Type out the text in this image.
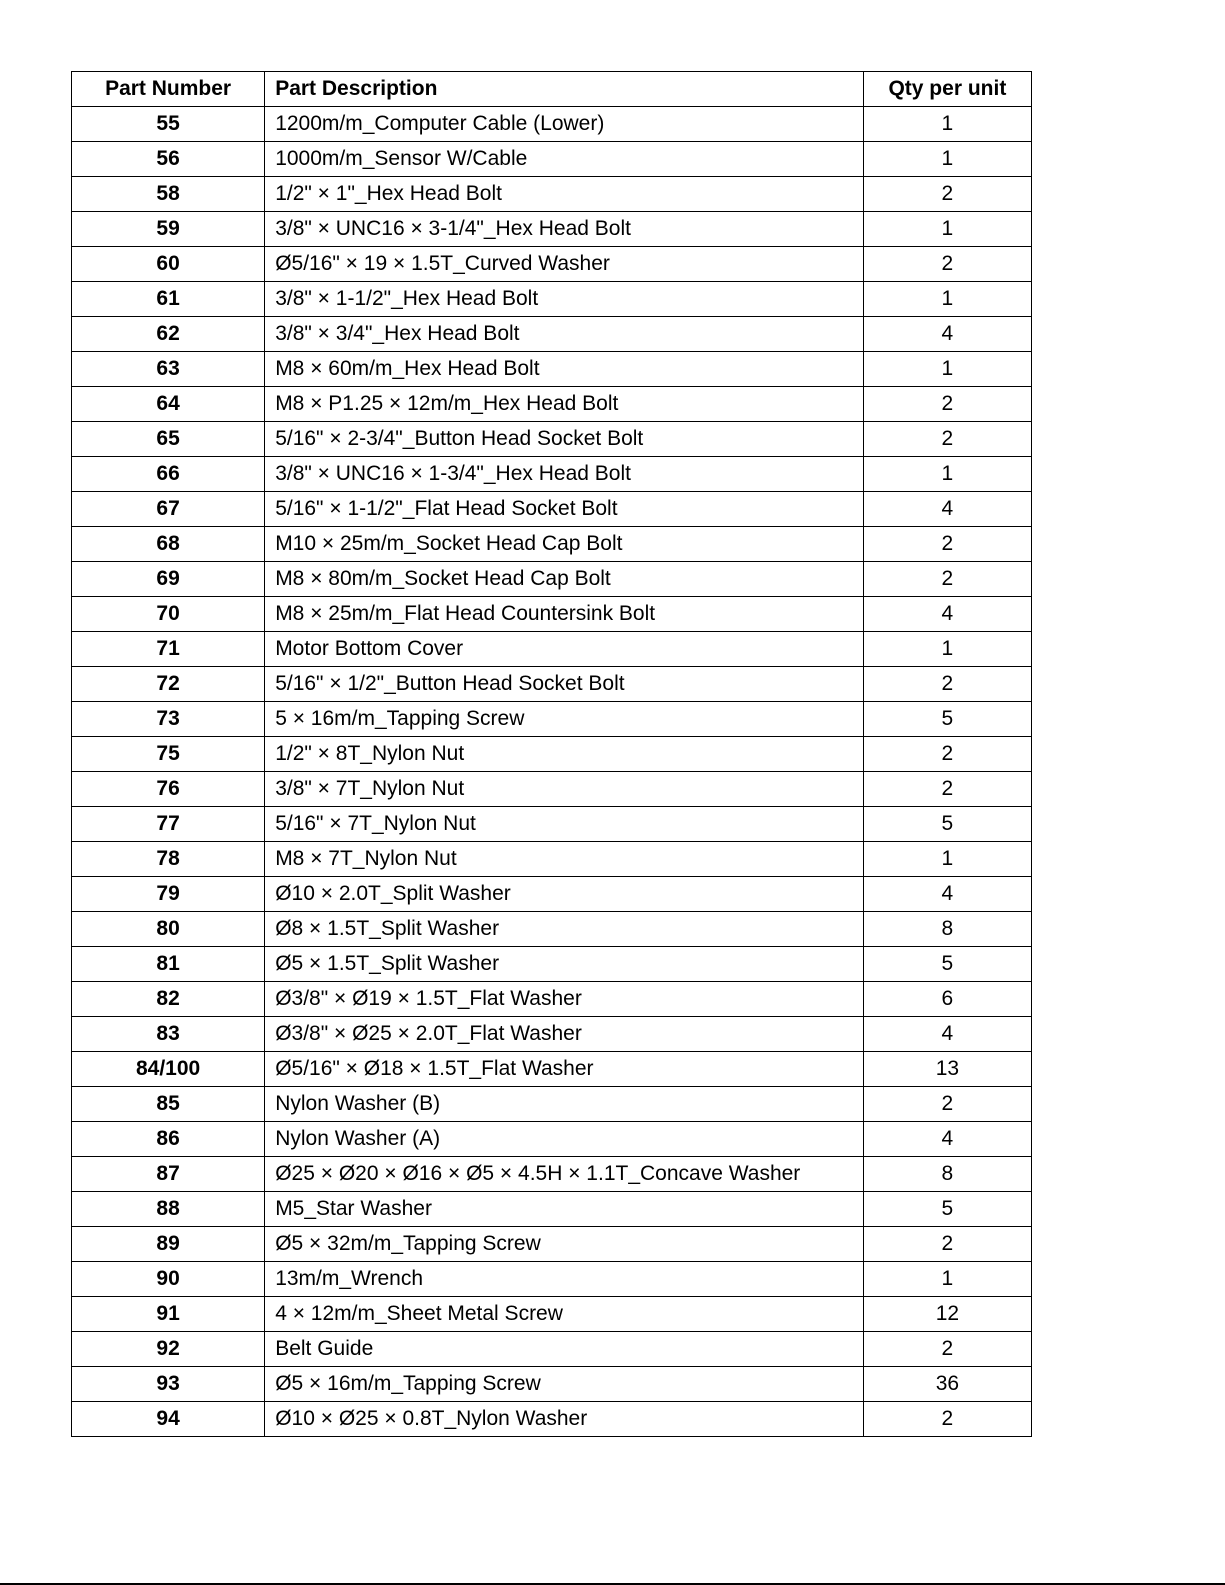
Part Number	Part Description	Qty per unit
55	1200m/m_Computer Cable (Lower)	1
56	1000m/m_Sensor W/Cable	1
58	1/2" × 1"_Hex Head Bolt	2
59	3/8" × UNC16 × 3-1/4"_Hex Head Bolt	1
60	Ø5/16" × 19 × 1.5T_Curved Washer	2
61	3/8" × 1-1/2"_Hex Head Bolt	1
62	3/8" × 3/4"_Hex Head Bolt	4
63	M8 × 60m/m_Hex Head Bolt	1
64	M8 × P1.25 × 12m/m_Hex Head Bolt	2
65	5/16" × 2-3/4"_Button Head Socket Bolt	2
66	3/8" × UNC16 × 1-3/4"_Hex Head Bolt	1
67	5/16" × 1-1/2"_Flat Head Socket Bolt	4
68	M10 × 25m/m_Socket Head Cap Bolt	2
69	M8 × 80m/m_Socket Head Cap Bolt	2
70	M8 × 25m/m_Flat Head Countersink Bolt	4
71	Motor Bottom Cover	1
72	5/16" × 1/2"_Button Head Socket Bolt	2
73	5 × 16m/m_Tapping Screw	5
75	1/2" × 8T_Nylon Nut	2
76	3/8" × 7T_Nylon Nut	2
77	5/16" × 7T_Nylon Nut	5
78	M8 × 7T_Nylon Nut	1
79	Ø10 × 2.0T_Split Washer	4
80	Ø8 × 1.5T_Split Washer	8
81	Ø5 × 1.5T_Split Washer	5
82	Ø3/8" × Ø19 × 1.5T_Flat Washer	6
83	Ø3/8" × Ø25 × 2.0T_Flat Washer	4
84/100	Ø5/16" × Ø18 × 1.5T_Flat Washer	13
85	Nylon Washer (B)	2
86	Nylon Washer (A)	4
87	Ø25 × Ø20 × Ø16 × Ø5 × 4.5H × 1.1T_Concave Washer	8
88	M5_Star Washer	5
89	Ø5 × 32m/m_Tapping Screw	2
90	13m/m_Wrench	1
91	4 × 12m/m_Sheet Metal Screw	12
92	Belt Guide	2
93	Ø5 × 16m/m_Tapping Screw	36
94	Ø10 × Ø25 × 0.8T_Nylon Washer	2
